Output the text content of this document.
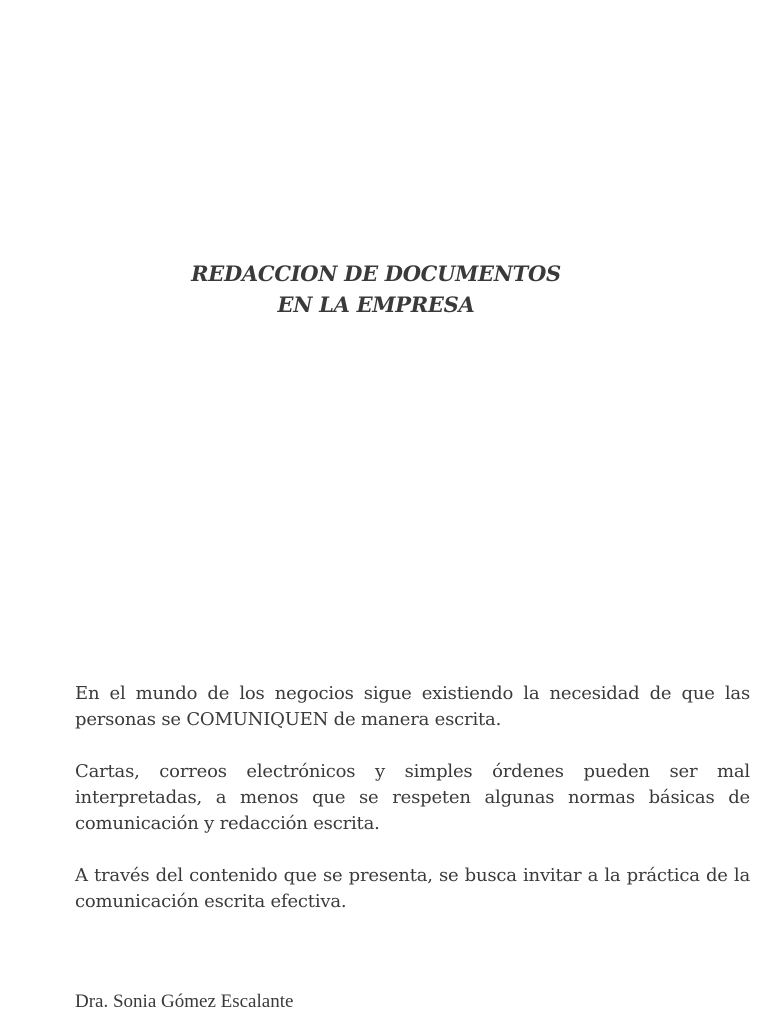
REDACCION DE DOCUMENTOS
EN LA EMPRESA

En el mundo de los negocios sigue existiendo la necesidad de que las personas se COMUNIQUEN de manera escrita.

Cartas, correos electrónicos y simples órdenes pueden ser mal interpretadas, a menos que se respeten algunas normas básicas de comunicación y redacción escrita.

A través del contenido que se presenta, se busca invitar a la práctica de la comunicación escrita efectiva.

Dra. Sonia Gómez Escalante
